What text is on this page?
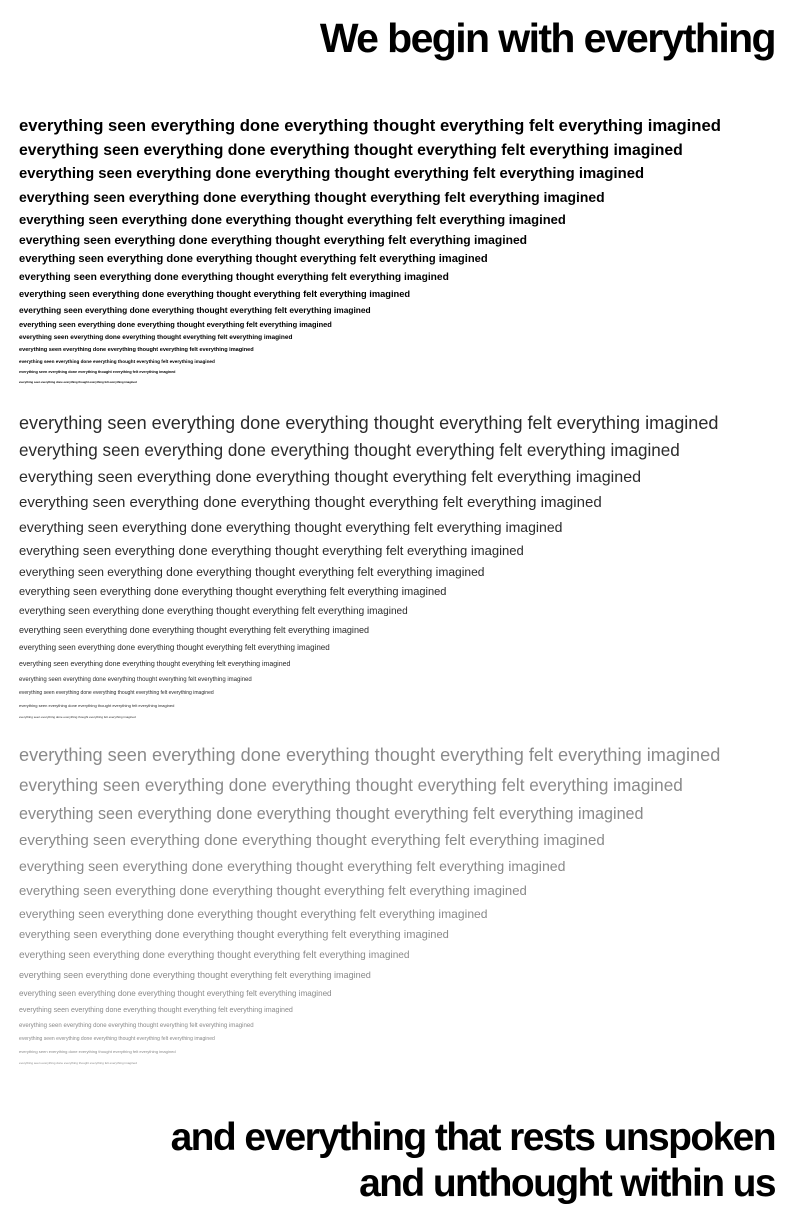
We begin with everything
everything seen everything done everything thought everything felt everything imagined
everything seen everything done everything thought everything felt everything imagined
everything seen everything done everything thought everything felt everything imagined
everything seen everything done everything thought everything felt everything imagined
everything seen everything done everything thought everything felt everything imagined
everything seen everything done everything thought everything felt everything imagined
everything seen everything done everything thought everything felt everything imagined
everything seen everything done everything thought everything felt everything imagined
everything seen everything done everything thought everything felt everything imagined
everything seen everything done everything thought everything felt everything imagined
everything seen everything done everything thought everything felt everything imagined
everything seen everything done everything thought everything felt everything imagined
everything seen everything done everything thought everything felt everything imagined
everything seen everything done everything thought everything felt everything imagined
everything seen everything done everything thought everything felt everything imagined
everything seen everything done everything thought everything felt everything imagined
everything seen everything done everything thought everything felt everything imagined
everything seen everything done everything thought everything felt everything imagined
everything seen everything done everything thought everything felt everything imagined
everything seen everything done everything thought everything felt everything imagined
everything seen everything done everything thought everything felt everything imagined
everything seen everything done everything thought everything felt everything imagined
everything seen everything done everything thought everything felt everything imagined
everything seen everything done everything thought everything felt everything imagined
everything seen everything done everything thought everything felt everything imagined
everything seen everything done everything thought everything felt everything imagined
everything seen everything done everything thought everything felt everything imagined
everything seen everything done everything thought everything felt everything imagined
everything seen everything done everything thought everything felt everything imagined
everything seen everything done everything thought everything felt everything imagined
everything seen everything done everything thought everything felt everything imagined
everything seen everything done everything thought everything felt everything imagined
everything seen everything done everything thought everything felt everything imagined
everything seen everything done everything thought everything felt everything imagined
everything seen everything done everything thought everything felt everything imagined
everything seen everything done everything thought everything felt everything imagined
everything seen everything done everything thought everything felt everything imagined
everything seen everything done everything thought everything felt everything imagined
everything seen everything done everything thought everything felt everything imagined
everything seen everything done everything thought everything felt everything imagined
everything seen everything done everything thought everything felt everything imagined
everything seen everything done everything thought everything felt everything imagined
everything seen everything done everything thought everything felt everything imagined
everything seen everything done everything thought everything felt everything imagined
everything seen everything done everything thought everything felt everything imagined
everything seen everything done everything thought everything felt everything imagined
everything seen everything done everything thought everything felt everything imagined
everything seen everything done everything thought everything felt everything imagined
and everything that rests unspoken
and unthought within us
